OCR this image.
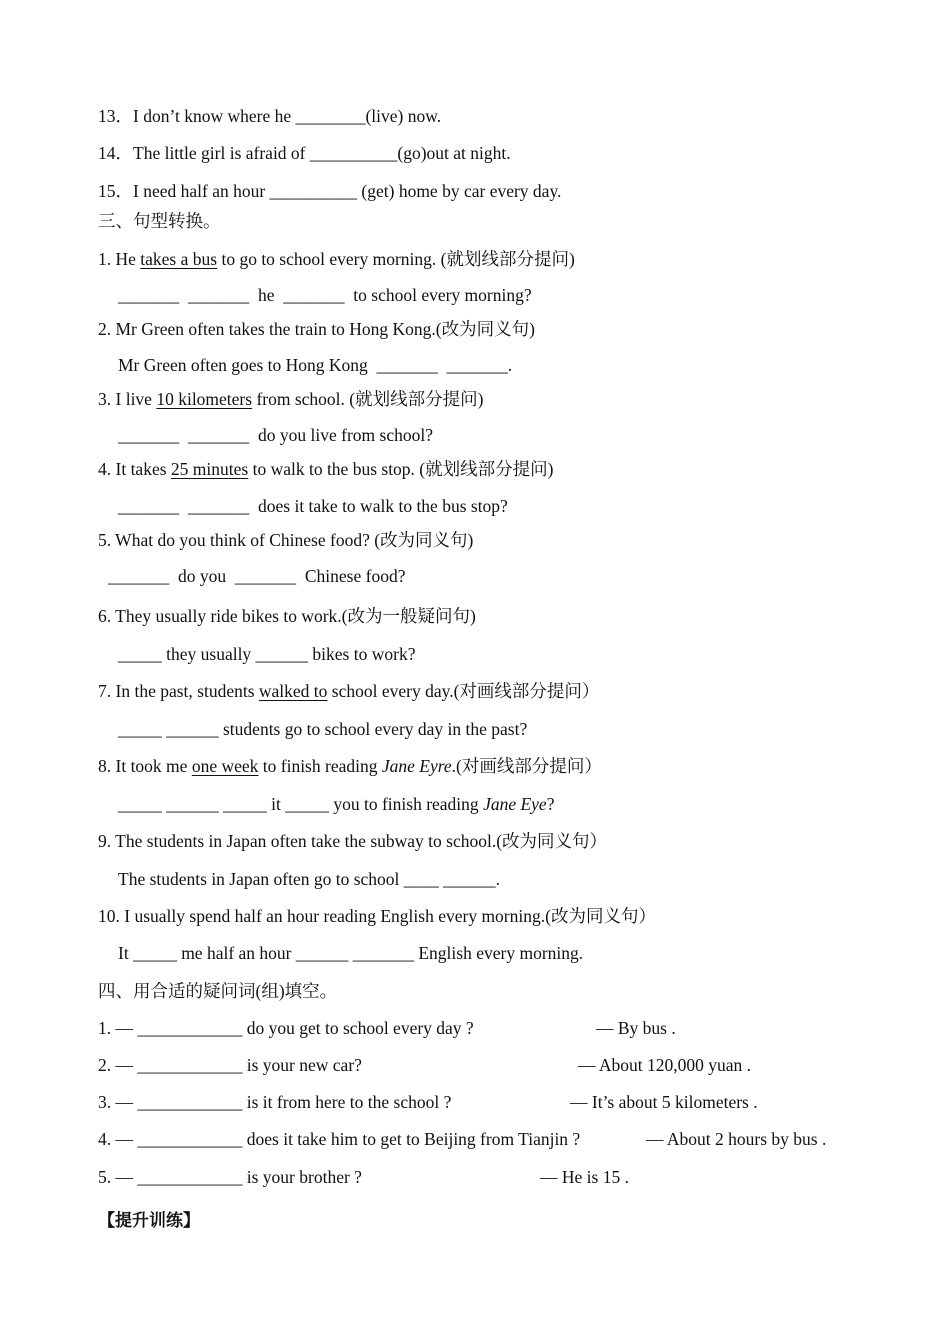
13．I don’t know where he ________(live) now.
14．The little girl is afraid of __________(go)out at night.
15．I need half an hour __________ (get) home by car every day.
三、句型转换。
1. He takes a bus to go to school every morning. (就划线部分提问)
_______  _______  he  _______  to school every morning?
2. Mr Green often takes the train to Hong Kong.(改为同义句)
Mr Green often goes to Hong Kong  _______  _______.
3. I live 10 kilometers from school. (就划线部分提问)
_______  _______  do you live from school?
4. It takes 25 minutes to walk to the bus stop. (就划线部分提问)
_______  _______  does it take to walk to the bus stop?
5. What do you think of Chinese food? (改为同义句)
_______  do you  _______  Chinese food?
6. They usually ride bikes to work.(改为一般疑问句)
_____ they usually ______ bikes to work?
7. In the past, students walked to school every day.(对画线部分提问）
_____ ______ students go to school every day in the past?
8. It took me one week to finish reading Jane Eyre.(对画线部分提问）
_____ ______ _____ it _____ you to finish reading Jane Eye?
9. The students in Japan often take the subway to school.(改为同义句）
The students in Japan often go to school ____ ______.
10. I usually spend half an hour reading English every morning.(改为同义句）
It _____ me half an hour ______ _______ English every morning.
四、用合适的疑问词(组)填空。
1. — ____________ do you get to school every day ?	— By bus .
2. — ____________ is your new car?	— About 120,000 yuan .
3. — ____________ is it from here to the school ?	— It’s about 5 kilometers .
4. — ____________ does it take him to get to Beijing from Tianjin ?	— About 2 hours by bus .
5. — ____________ is your brother ?	— He is 15 .
【提升训练】
